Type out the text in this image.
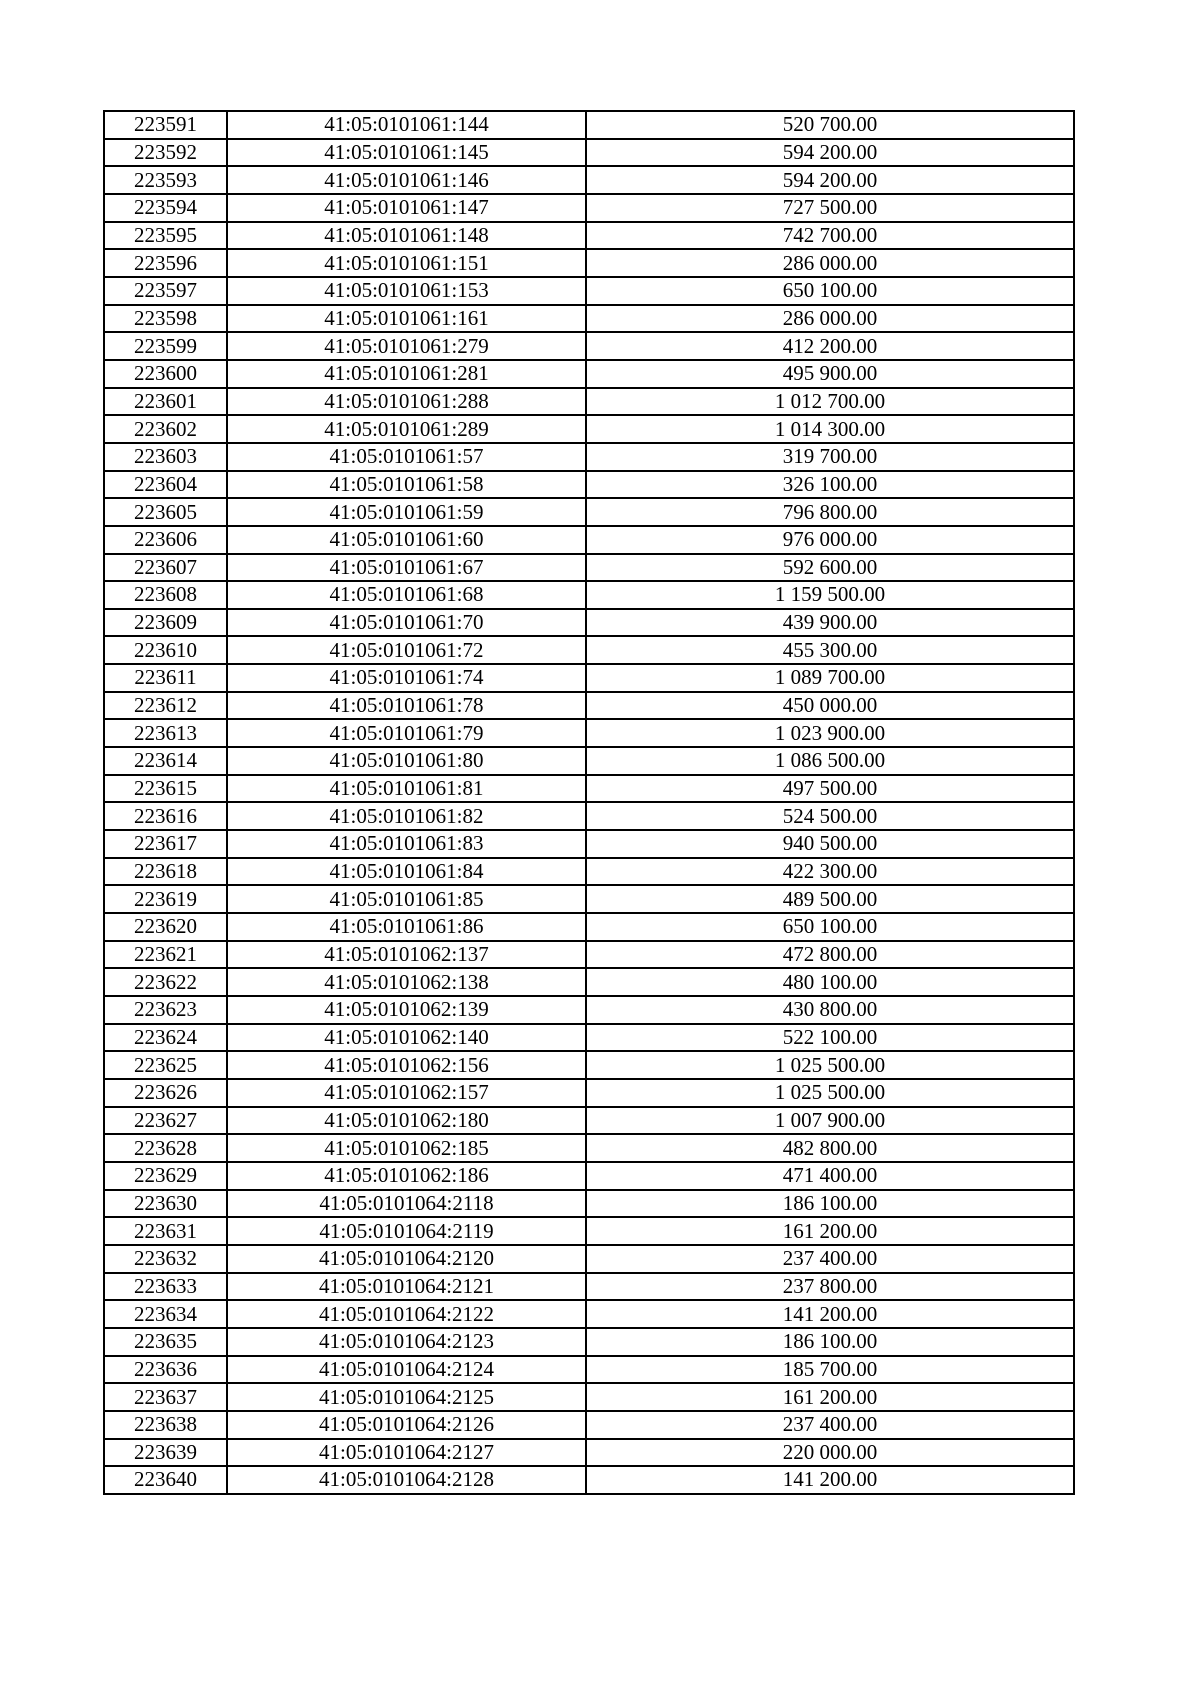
223591	41:05:0101061:144	520 700.00
223592	41:05:0101061:145	594 200.00
223593	41:05:0101061:146	594 200.00
223594	41:05:0101061:147	727 500.00
223595	41:05:0101061:148	742 700.00
223596	41:05:0101061:151	286 000.00
223597	41:05:0101061:153	650 100.00
223598	41:05:0101061:161	286 000.00
223599	41:05:0101061:279	412 200.00
223600	41:05:0101061:281	495 900.00
223601	41:05:0101061:288	1 012 700.00
223602	41:05:0101061:289	1 014 300.00
223603	41:05:0101061:57	319 700.00
223604	41:05:0101061:58	326 100.00
223605	41:05:0101061:59	796 800.00
223606	41:05:0101061:60	976 000.00
223607	41:05:0101061:67	592 600.00
223608	41:05:0101061:68	1 159 500.00
223609	41:05:0101061:70	439 900.00
223610	41:05:0101061:72	455 300.00
223611	41:05:0101061:74	1 089 700.00
223612	41:05:0101061:78	450 000.00
223613	41:05:0101061:79	1 023 900.00
223614	41:05:0101061:80	1 086 500.00
223615	41:05:0101061:81	497 500.00
223616	41:05:0101061:82	524 500.00
223617	41:05:0101061:83	940 500.00
223618	41:05:0101061:84	422 300.00
223619	41:05:0101061:85	489 500.00
223620	41:05:0101061:86	650 100.00
223621	41:05:0101062:137	472 800.00
223622	41:05:0101062:138	480 100.00
223623	41:05:0101062:139	430 800.00
223624	41:05:0101062:140	522 100.00
223625	41:05:0101062:156	1 025 500.00
223626	41:05:0101062:157	1 025 500.00
223627	41:05:0101062:180	1 007 900.00
223628	41:05:0101062:185	482 800.00
223629	41:05:0101062:186	471 400.00
223630	41:05:0101064:2118	186 100.00
223631	41:05:0101064:2119	161 200.00
223632	41:05:0101064:2120	237 400.00
223633	41:05:0101064:2121	237 800.00
223634	41:05:0101064:2122	141 200.00
223635	41:05:0101064:2123	186 100.00
223636	41:05:0101064:2124	185 700.00
223637	41:05:0101064:2125	161 200.00
223638	41:05:0101064:2126	237 400.00
223639	41:05:0101064:2127	220 000.00
223640	41:05:0101064:2128	141 200.00
